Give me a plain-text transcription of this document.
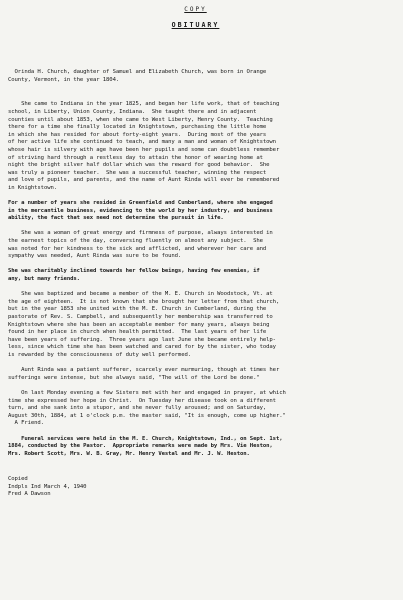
COPY
OBITUARY
Orinda H. Church, daughter of Samuel and Elizabeth Church, was born in Orange
County, Vermont, in the year 1804.
She came to Indiana in the year 1825, and began her life work, that of teaching
school, in Liberty, Union County, Indiana.  She taught there and in adjacent
counties until about 1853, when she came to West Liberty, Henry County.  Teaching
there for a time she finally located in Knightstown, purchasing the little home
in which she has resided for about forty-eight years.  During most of the years
of her active life she continued to teach, and many a man and woman of Knightstown
whose hair is silvery with age have been her pupils and some can doubtless remember
of striving hard through a restless day to attain the honor of wearing home at
night the bright silver half dollar which was the reward for good behavior.  She
was truly a pioneer teacher.  She was a successful teacher, winning the respect
and love of pupils, and parents, and the name of Aunt Rinda will ever be remembered
in Knightstown.
For a number of years she resided in Greenfield and Cumberland, where she engaged
in the mercantile business, evidencing to the world by her industry, and business
ability, the fact that sex need not determine the pursuit in life.
She was a woman of great energy and firmness of purpose, always interested in
the earnest topics of the day, conversing fluently on almost any subject.  She
was noted for her kindness to the sick and afflicted, and wherever her care and
sympathy was needed, Aunt Rinda was sure to be found.
She was charitably inclined towards her fellow beings, having few enemies, if
any, but many friends.
She was baptized and became a member of the M. E. Church in Woodstock, Vt. at
the age of eighteen.  It is not known that she brought her letter from that church,
but in the year 1853 she united with the M. E. Church in Cumberland, during the
pastorate of Rev. S. Campbell, and subsequently her membership was transferred to
Knightstown where she has been an acceptable member for many years, always being
found in her place in church when health permitted.  The last years of her life
have been years of suffering.  Three years ago last June she became entirely help-
less, since which time she has been watched and cared for by the sister, who today
is rewarded by the consciousness of duty well performed.
Aunt Rinda was a patient sufferer, scarcely ever murmuring, though at times her
sufferings were intense, but she always said, "The will of the Lord be done."
On last Monday evening a few Sisters met with her and engaged in prayer, at which
time she expressed her hope in Christ.  On Tuesday her disease took on a different
turn, and she sank into a stupor, and she never fully aroused; and on Saturday,
August 30th, 1884, at 1 o'clock p.m. the master said, "It is enough, come up higher."
A Friend.
Funeral services were held in the M. E. Church, Knightstown, Ind., on Sept. 1st,
1884, conducted by the Pastor.  Appropriate remarks were made by Mrs. Vie Heston,
Mrs. Robert Scott, Mrs. W. B. Gray, Mr. Henry Vestal and Mr. J. W. Heston.
Copied
Indpls Ind March 4, 1940
Fred A Dawson
